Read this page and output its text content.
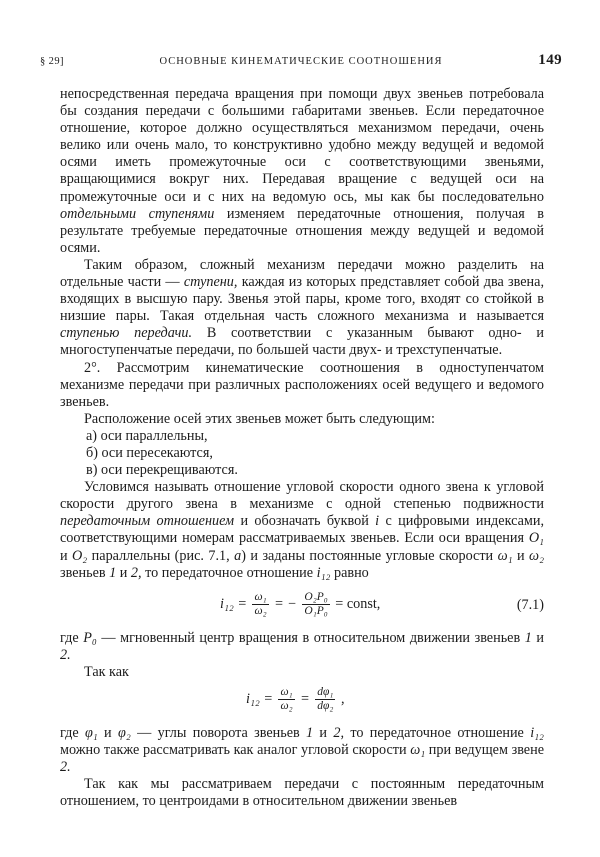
§ 29]	ОСНОВНЫЕ КИНЕМАТИЧЕСКИЕ СООТНОШЕНИЯ	149

непосредственная передача вращения при помощи двух звеньев потребовала бы создания передачи с большими габаритами звеньев. Если передаточное отношение, которое должно осуществляться механизмом передачи, очень велико или очень мало, то конструктивно удобно между ведущей и ведомой осями иметь промежуточные оси с соответствующими звеньями, вращающимися вокруг них. Передавая вращение с ведущей оси на промежуточные оси и с них на ведомую ось, мы как бы последовательно отдельными ступенями изменяем передаточные отношения, получая в результате требуемые передаточные отношения между ведущей и ведомой осями.

Таким образом, сложный механизм передачи можно разделить на отдельные части — ступени, каждая из которых представляет собой два звена, входящих в высшую пару. Звенья этой пары, кроме того, входят со стойкой в низшие пары. Такая отдельная часть сложного механизма и называется ступенью передачи. В соответствии с указанным бывают одно- и многоступенчатые передачи, по большей части двух- и трехступенчатые.

2°. Рассмотрим кинематические соотношения в одноступенчатом механизме передачи при различных расположениях осей ведущего и ведомого звеньев.

Расположение осей этих звеньев может быть следующим:

а) оси параллельны,

б) оси пересекаются,

в) оси перекрещиваются.

Условимся называть отношение угловой скорости одного звена к угловой скорости другого звена в механизме с одной степенью подвижности передаточным отношением и обозначать буквой i с цифровыми индексами, соответствующими номерам рассматриваемых звеньев. Если оси вращения O₁ и O₂ параллельны (рис. 7.1, а) и заданы постоянные угловые скорости ω₁ и ω₂ звеньев 1 и 2, то передаточное отношение i₁₂ равно

$i_{12} = \frac{\text{ω₁}}{\text{ω₂}}$ = − $\frac{\text{O₂P₀}}{\text{O₁P₀}}$ = const,	(7.1)

где P₀ — мгновенный центр вращения в относительном движении звеньев 1 и 2.

Так как

$i_{12} = \frac{\text{ω₁}}{\text{ω₂}} = \frac{\text{dφ₁}}{\text{dφ₂}}$ ,

где φ₁ и φ₂ — углы поворота звеньев 1 и 2, то передаточное отношение i₁₂ можно также рассматривать как аналог угловой скорости ω₁ при ведущем звене 2.

Так как мы рассматриваем передачи с постоянным передаточным отношением, то центроидами в относительном движении звеньев
